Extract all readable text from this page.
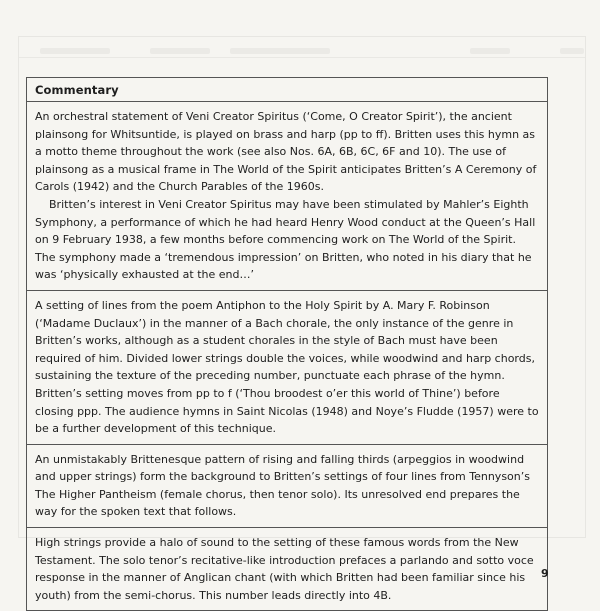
Commentary

An orchestral statement of Veni Creator Spiritus (‘Come, O Creator Spirit’), the ancient plainsong for Whitsuntide, is played on brass and harp (pp to ff). Britten uses this hymn as a motto theme throughout the work (see also Nos. 6A, 6B, 6C, 6F and 10). The use of plainsong as a musical frame in The World of the Spirit anticipates Britten’s A Ceremony of Carols (1942) and the Church Parables of the 1960s.

Britten’s interest in Veni Creator Spiritus may have been stimulated by Mahler’s Eighth Symphony, a performance of which he had heard Henry Wood conduct at the Queen’s Hall on 9 February 1938, a few months before commencing work on The World of the Spirit. The symphony made a ‘tremendous impression’ on Britten, who noted in his diary that he was ‘physically exhausted at the end…’

A setting of lines from the poem Antiphon to the Holy Spirit by A. Mary F. Robinson (‘Madame Duclaux’) in the manner of a Bach chorale, the only instance of the genre in Britten’s works, although as a student chorales in the style of Bach must have been required of him. Divided lower strings double the voices, while woodwind and harp chords, sustaining the texture of the preceding number, punctuate each phrase of the hymn. Britten’s setting moves from pp to f (‘Thou broodest o’er this world of Thine’) before closing ppp. The audience hymns in Saint Nicolas (1948) and Noye’s Fludde (1957) were to be a further development of this technique.

An unmistakably Brittenesque pattern of rising and falling thirds (arpeggios in woodwind and upper strings) form the background to Britten’s settings of four lines from Tennyson’s The Higher Pantheism (female chorus, then tenor solo). Its unresolved end prepares the way for the spoken text that follows.

High strings provide a halo of sound to the setting of these famous words from the New Testament. The solo tenor’s recitative-like introduction prefaces a parlando and sotto voce response in the manner of Anglican chant (with which Britten had been familiar since his youth) from the semi-chorus. This number leads directly into 4B.

9
